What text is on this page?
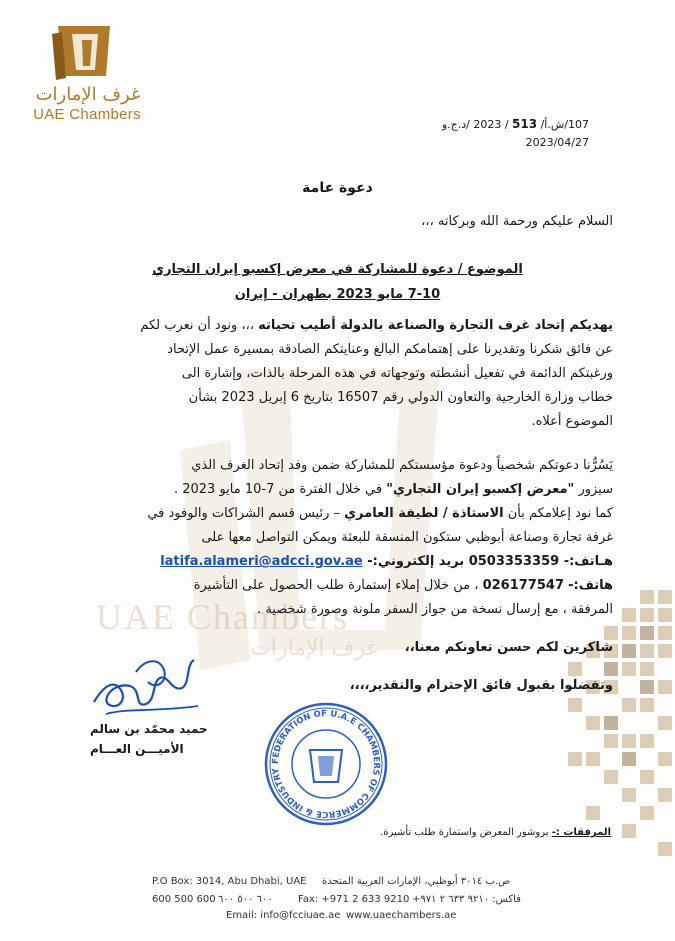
UAE Chambers
غرف الإمارات
غرف الإمارات
UAE Chambers
107/ش.أ/ 513 / 2023 /د.ج.و
2023/04/27
دعوة عامة
السلام عليكم ورحمة الله وبركاته ،،،
الموضوع / دعوة للمشاركة في معرض إكسبو إيران التجاري
7-10 مايو 2023 بطهران - إيران
يهديكم إتحاد غرف التجارة والصناعة بالدولة أطيب تحياته ،،، ونود أن نعرب لكم
عن فائق شكرنا وتقديرنا على إهتمامكم البالغ وعنايتكم الصادقة بمسيرة عمل الإتحاد
ورغبتكم الدائمة في تفعيل أنشطته وتوجهاته في هذه المرحلة بالذات، وإشارة الى
خطاب وزارة الخارجية والتعاون الدولي رقم 16507 بتاريخ 6 إبريل 2023 بشأن
الموضوع أعلاه.
يَسُرُّنا دعوتكم شخصياً ودعوة مؤسستكم للمشاركة ضمن وفد إتحاد الغرف الذي
سيزور "معرض إكسبو إيران التجاري" في خلال الفترة من 7-10 مايو 2023 .
كما نود إعلامكم بأن الاستاذة / لطيفة العامري – رئيس قسم الشراكات والوفود في
غرفة تجارة وصناعة أبوظبي ستكون المنسقة للبعثة ويمكن التواصل معها على
هـاتف:- 0503353359 بريد إلكتروني:- latifa.alameri@adcci.gov.ae
هاتف:- 026177547 ، من خلال إملاء إستمارة طلب الحصول على التأشيرة
المرفقة ، مع إرسال نسخة من جواز السفر ملونة وصورة شخصية .
شاكرين لكم حسن تعاونكم معنا،،
وتفضلوا بقبول فائق الإحترام والتقدير،،،،
حميد محمّد بن سالم
الأميـــن العـــام
FEDERATION OF U.A.E CHAMBERS OF COMMERCE & INDUSTRY
المرفقات :- بروشور المعرض واستمارة طلب تأشيرة.
P.O Box: 3014, Abu Dhabi, UAE ص.ب ٣٠١٤ أبوظبي، الإمارات العربية المتحدة
600 500 600 ٦٠٠ ٥٠٠ ٦٠٠	Fax: +971 2 633 9210 فاكس: ٩٢١٠ ٦٣٣ ٢ ٩٧١+
Email: info@fcciuae.ae www.uaechambers.ae
